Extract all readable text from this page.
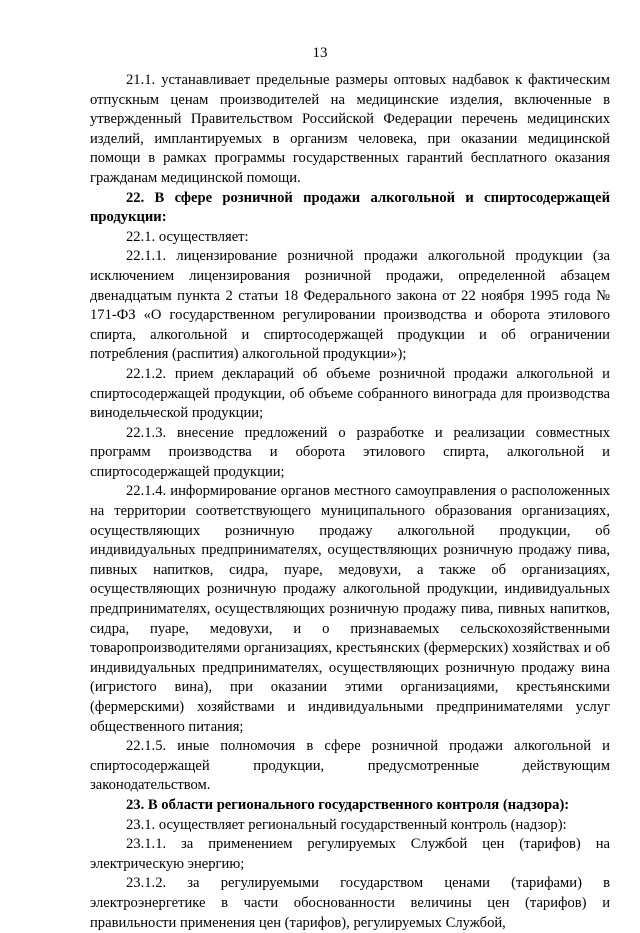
13

21.1. устанавливает предельные размеры оптовых надбавок к фактическим отпускным ценам производителей на медицинские изделия, включенные в утвержденный Правительством Российской Федерации перечень медицинских изделий, имплантируемых в организм человека, при оказании медицинской помощи в рамках программы государственных гарантий бесплатного оказания гражданам медицинской помощи.

22. В сфере розничной продажи алкогольной и спиртосодержащей продукции:

22.1. осуществляет:

22.1.1. лицензирование розничной продажи алкогольной продукции (за исключением лицензирования розничной продажи, определенной абзацем двенадцатым пункта 2 статьи 18 Федерального закона от 22 ноября 1995 года № 171-ФЗ «О государственном регулировании производства и оборота этилового спирта, алкогольной и спиртосодержащей продукции и об ограничении потребления (распития) алкогольной продукции»);

22.1.2. прием деклараций об объеме розничной продажи алкогольной и спиртосодержащей продукции, об объеме собранного винограда для производства винодельческой продукции;

22.1.3. внесение предложений о разработке и реализации совместных программ производства и оборота этилового спирта, алкогольной и спиртосодержащей продукции;

22.1.4. информирование органов местного самоуправления о расположенных на территории соответствующего муниципального образования организациях, осуществляющих розничную продажу алкогольной продукции, об индивидуальных предпринимателях, осуществляющих розничную продажу пива, пивных напитков, сидра, пуаре, медовухи, а также об организациях, осуществляющих розничную продажу алкогольной продукции, индивидуальных предпринимателях, осуществляющих розничную продажу пива, пивных напитков, сидра, пуаре, медовухи, и о признаваемых сельскохозяйственными товаропроизводителями организациях, крестьянских (фермерских) хозяйствах и об индивидуальных предпринимателях, осуществляющих розничную продажу вина (игристого вина), при оказании этими организациями, крестьянскими (фермерскими) хозяйствами и индивидуальными предпринимателями услуг общественного питания;

22.1.5. иные полномочия в сфере розничной продажи алкогольной и спиртосодержащей продукции, предусмотренные действующим законодательством.

23. В области регионального государственного контроля (надзора):

23.1. осуществляет региональный государственный контроль (надзор):

23.1.1. за применением регулируемых Службой цен (тарифов) на электрическую энергию;

23.1.2. за регулируемыми государством ценами (тарифами) в электроэнергетике в части обоснованности величины цен (тарифов) и правильности применения цен (тарифов), регулируемых Службой,
